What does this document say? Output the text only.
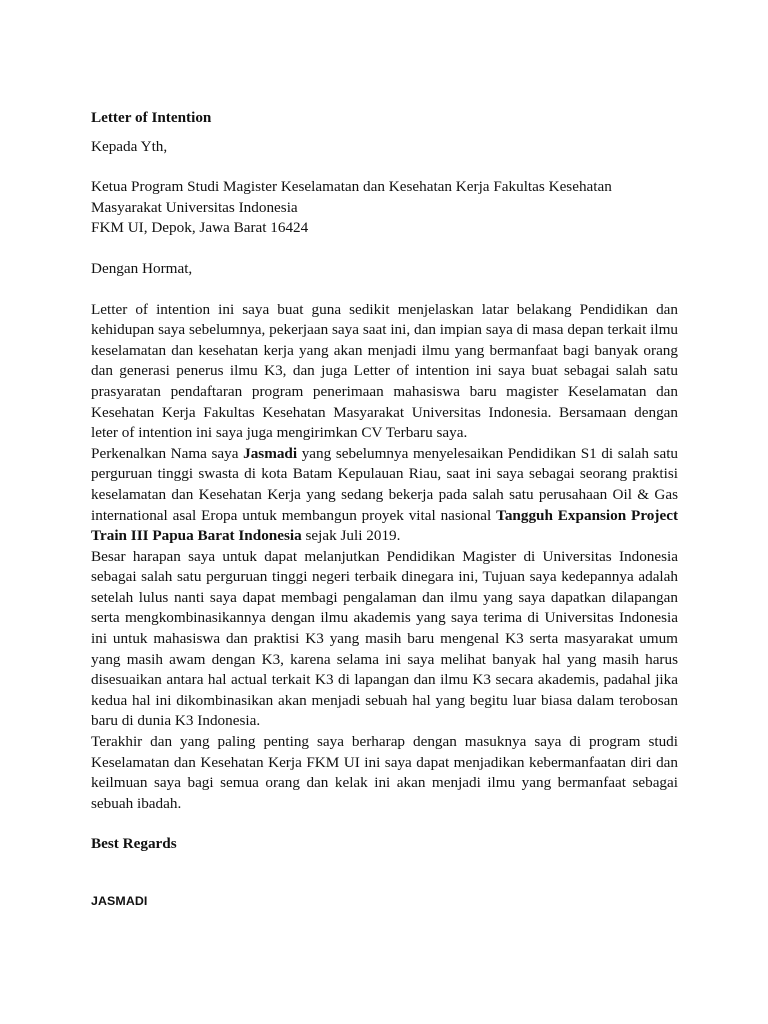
Letter of Intention

Kepada Yth,

Ketua Program Studi Magister Keselamatan dan Kesehatan Kerja Fakultas Kesehatan Masyarakat Universitas Indonesia

FKM UI, Depok, Jawa Barat 16424

Dengan Hormat,

Letter of intention ini saya buat guna sedikit menjelaskan latar belakang Pendidikan dan kehidupan saya sebelumnya, pekerjaan saya saat ini, dan impian saya di masa depan terkait ilmu keselamatan dan kesehatan kerja yang akan menjadi ilmu yang bermanfaat bagi banyak orang dan generasi penerus ilmu K3, dan juga Letter of intention ini saya buat sebagai salah satu prasyaratan pendaftaran program penerimaan mahasiswa baru magister Keselamatan dan Kesehatan Kerja Fakultas Kesehatan Masyarakat Universitas Indonesia. Bersamaan dengan leter of intention ini saya juga mengirimkan CV Terbaru saya.

Perkenalkan Nama saya Jasmadi yang sebelumnya menyelesaikan Pendidikan S1 di salah satu perguruan tinggi swasta di kota Batam Kepulauan Riau, saat ini saya sebagai seorang praktisi keselamatan dan Kesehatan Kerja yang sedang bekerja pada salah satu perusahaan Oil & Gas international asal Eropa untuk membangun proyek vital nasional Tangguh Expansion Project Train III Papua Barat Indonesia sejak Juli 2019.

Besar harapan saya untuk dapat melanjutkan Pendidikan Magister di Universitas Indonesia sebagai salah satu perguruan tinggi negeri terbaik dinegara ini, Tujuan saya kedepannya adalah setelah lulus nanti saya dapat membagi pengalaman dan ilmu yang saya dapatkan dilapangan serta mengkombinasikannya dengan ilmu akademis yang saya terima di Universitas Indonesia ini untuk mahasiswa dan praktisi K3 yang masih baru mengenal K3 serta masyarakat umum yang masih awam dengan K3, karena selama ini saya melihat banyak hal yang masih harus disesuaikan antara hal actual terkait K3 di lapangan dan ilmu K3 secara akademis, padahal jika kedua hal ini dikombinasikan akan menjadi sebuah hal yang begitu luar biasa dalam terobosan baru di dunia K3 Indonesia.

Terakhir dan yang paling penting saya berharap dengan masuknya saya di program studi Keselamatan dan Kesehatan Kerja FKM UI ini saya dapat menjadikan kebermanfaatan diri dan keilmuan saya bagi semua orang dan kelak ini akan menjadi ilmu yang bermanfaat sebagai sebuah ibadah.

Best Regards

JASMADI
